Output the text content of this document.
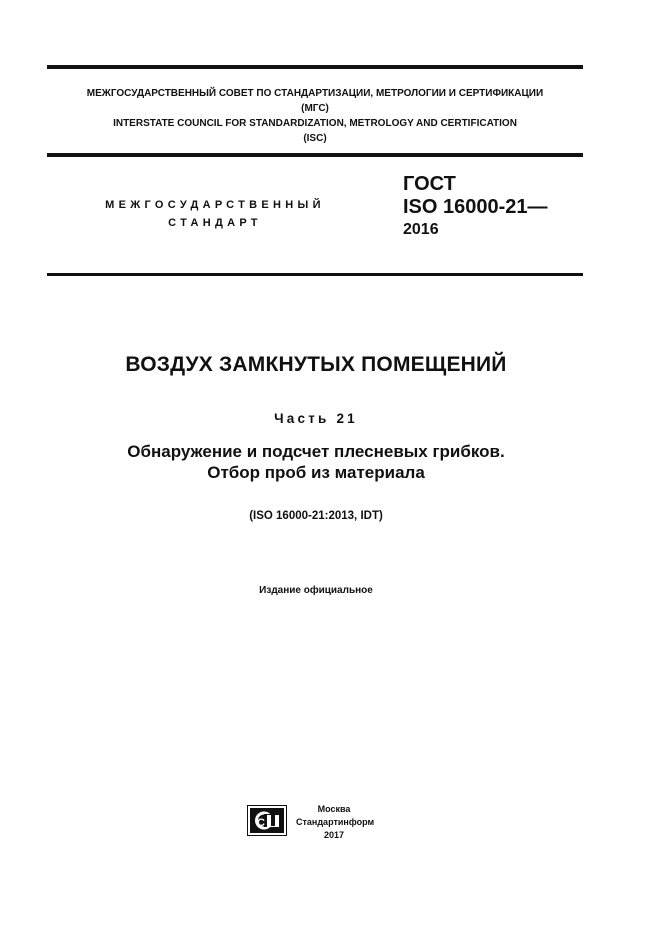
МЕЖГОСУДАРСТВЕННЫЙ СОВЕТ ПО СТАНДАРТИЗАЦИИ, МЕТРОЛОГИИ И СЕРТИФИКАЦИИ
(МГС)
INTERSTATE COUNCIL FOR STANDARDIZATION, METROLOGY AND CERTIFICATION
(ISC)
МЕЖГОСУДАРСТВЕННЫЙ
СТАНДАРТ
ГОСТ
ISO 16000-21—
2016
ВОЗДУХ ЗАМКНУТЫХ ПОМЕЩЕНИЙ
Часть 21
Обнаружение и подсчет плесневых грибков.
Отбор проб из материала
(ISO 16000-21:2013, IDT)
Издание официальное
С
Москва
Стандартинформ
2017
